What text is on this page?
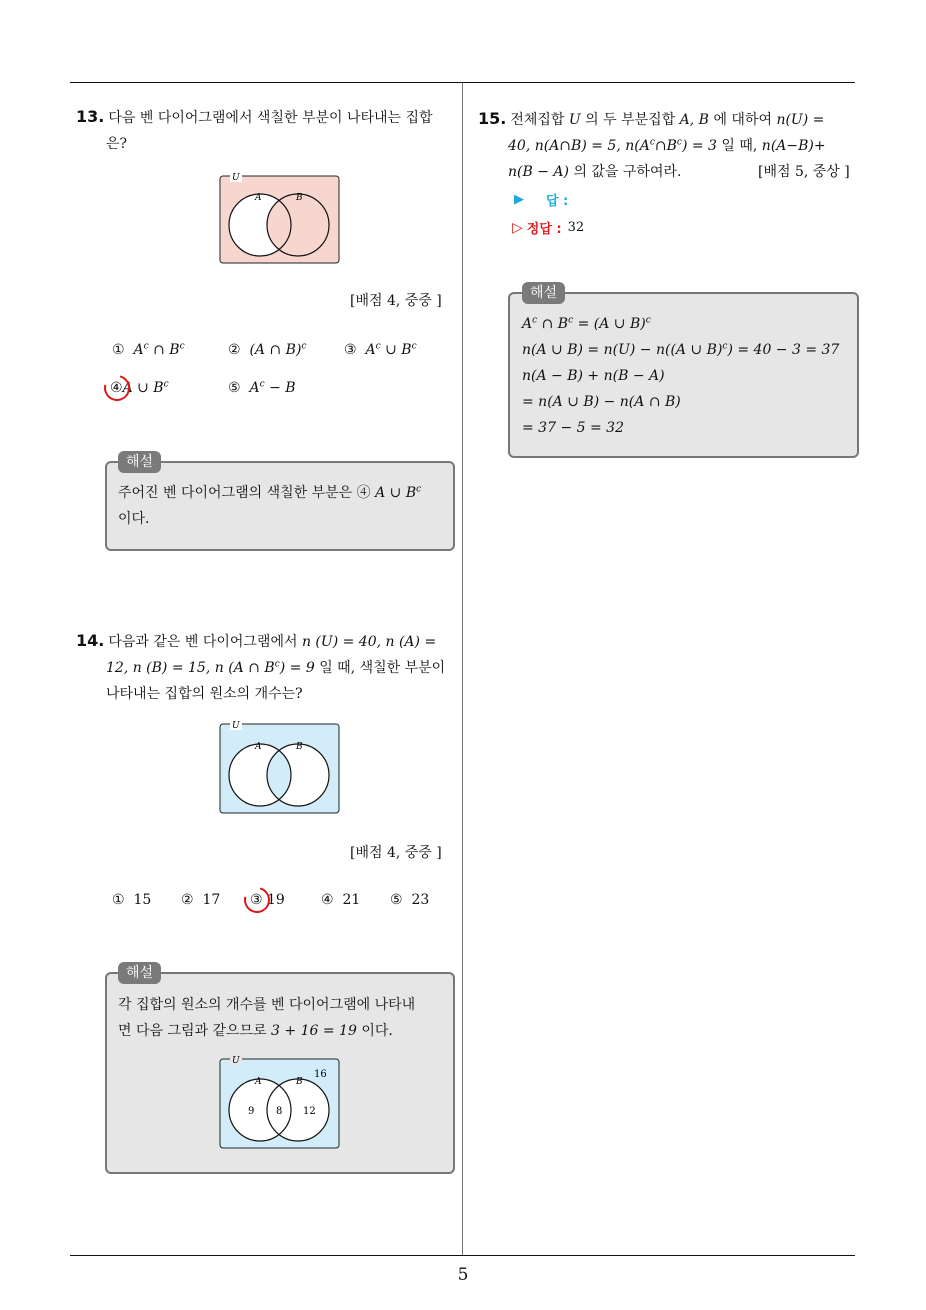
13. 다음 벤 다이어그램에서 색칠한 부분이 나타내는 집합
은?
U
A	B
[배점 4, 중중 ]
① $A^c$ ∩ $B^c$	② (A ∩ B)$^c$	③ $A^c$ ∪ $B^c$
④A ∪ $B^c$	⑤ $A^c - B$
해설
주어진 벤 다이어그램의 색칠한 부분은 ④ A ∪ $B^c$
이다.
14. 다음과 같은 벤 다이어그램에서 n (U) = 40, n (A) =
12, n (B) = 15, n (A ∩ $B^c) = 9$ 일 때, 색칠한 부분이
나타내는 집합의 원소의 개수는?
U
A	B
[배점 4, 중중 ]
① 15 ② 17 ③ 19	④ 21 ⑤ 23
해설
각 집합의 원소의 개수를 벤 다이어그램에 나타내
면 다음 그림과 같으므로 3 + 16 = 19 이다.
U
A	B
16
9 8 12
15. 전체집합 U 의 두 부분집합 A, B 에 대하여 n(U) =
40, n(A∩B) = 5, $n(A^c\cap B^c) = 3$ 일 때, n(A−B)+
n(B − A) 의 값을 구하여라.	[배점 5, 중상 ]
▶ 답 :
▷ 정답 : 32
해설
$A^c$ ∩ $B^c = (A$ ∪ B)$^c$
n(A ∪ B) = n(U) − n((A ∪ B)$^c$) = 40 − 3 = 37
n(A − B) + n(B − A)
= n(A ∪ B) − n(A ∩ B)
= 37 − 5 = 32
5
